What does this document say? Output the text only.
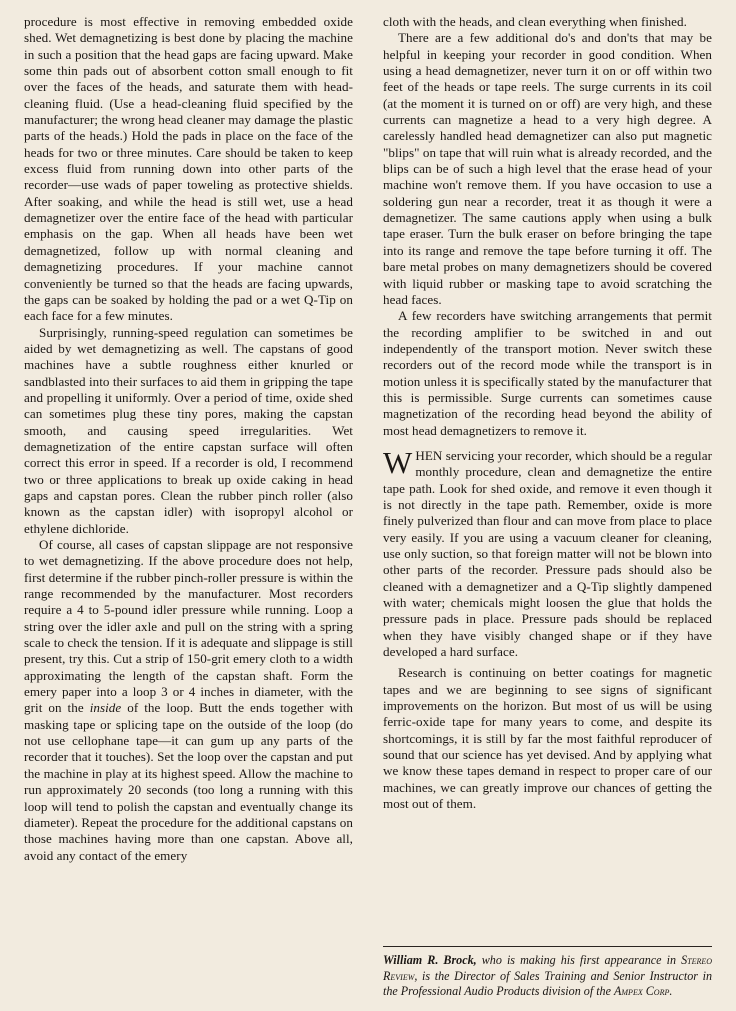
procedure is most effective in removing embedded oxide shed. Wet demagnetizing is best done by placing the machine in such a position that the head gaps are facing upward. Make some thin pads out of absorbent cotton small enough to fit over the faces of the heads, and saturate them with head-cleaning fluid. (Use a head-cleaning fluid specified by the manufacturer; the wrong head cleaner may damage the plastic parts of the heads.) Hold the pads in place on the face of the heads for two or three minutes. Care should be taken to keep excess fluid from running down into other parts of the recorder—use wads of paper toweling as protective shields. After soaking, and while the head is still wet, use a head demagnetizer over the entire face of the head with particular emphasis on the gap. When all heads have been wet demagnetized, follow up with normal cleaning and demagnetizing procedures. If your machine cannot conveniently be turned so that the heads are facing upwards, the gaps can be soaked by holding the pad or a wet Q-Tip on each face for a few minutes.

Surprisingly, running-speed regulation can sometimes be aided by wet demagnetizing as well. The capstans of good machines have a subtle roughness either knurled or sandblasted into their surfaces to aid them in gripping the tape and propelling it uniformly. Over a period of time, oxide shed can sometimes plug these tiny pores, making the capstan smooth, and causing speed irregularities. Wet demagnetization of the entire capstan surface will often correct this error in speed. If a recorder is old, I recommend two or three applications to break up oxide caking in head gaps and capstan pores. Clean the rubber pinch roller (also known as the capstan idler) with isopropyl alcohol or ethylene dichloride.

Of course, all cases of capstan slippage are not responsive to wet demagnetizing. If the above procedure does not help, first determine if the rubber pinch-roller pressure is within the range recommended by the manufacturer. Most recorders require a 4 to 5-pound idler pressure while running. Loop a string over the idler axle and pull on the string with a spring scale to check the tension. If it is adequate and slippage is still present, try this. Cut a strip of 150-grit emery cloth to a width approximating the length of the capstan shaft. Form the emery paper into a loop 3 or 4 inches in diameter, with the grit on the inside of the loop. Butt the ends together with masking tape or splicing tape on the outside of the loop (do not use cellophane tape—it can gum up any parts of the recorder that it touches). Set the loop over the capstan and put the machine in play at its highest speed. Allow the machine to run approximately 20 seconds (too long a running with this loop will tend to polish the capstan and eventually change its diameter). Repeat the procedure for the additional capstans on those machines having more than one capstan. Above all, avoid any contact of the emery

cloth with the heads, and clean everything when finished.

There are a few additional do's and don'ts that may be helpful in keeping your recorder in good condition. When using a head demagnetizer, never turn it on or off within two feet of the heads or tape reels. The surge currents in its coil (at the moment it is turned on or off) are very high, and these currents can magnetize a head to a very high degree. A carelessly handled head demagnetizer can also put magnetic "blips" on tape that will ruin what is already recorded, and the blips can be of such a high level that the erase head of your machine won't remove them. If you have occasion to use a soldering gun near a recorder, treat it as though it were a demagnetizer. The same cautions apply when using a bulk tape eraser. Turn the bulk eraser on before bringing the tape into its range and remove the tape before turning it off. The bare metal probes on many demagnetizers should be covered with liquid rubber or masking tape to avoid scratching the head faces.

A few recorders have switching arrangements that permit the recording amplifier to be switched in and out independently of the transport motion. Never switch these recorders out of the record mode while the transport is in motion unless it is specifically stated by the manufacturer that this is permissible. Surge currents can sometimes cause magnetization of the recording head beyond the ability of most head demagnetizers to remove it.

WHEN servicing your recorder, which should be a regular monthly procedure, clean and demagnetize the entire tape path. Look for shed oxide, and remove it even though it is not directly in the tape path. Remember, oxide is more finely pulverized than flour and can move from place to place very easily. If you are using a vacuum cleaner for cleaning, use only suction, so that foreign matter will not be blown into other parts of the recorder. Pressure pads should also be cleaned with a demagnetizer and a Q-Tip slightly dampened with water; chemicals might loosen the glue that holds the pressure pads in place. Pressure pads should be replaced when they have visibly changed shape or if they have developed a hard surface.

Research is continuing on better coatings for magnetic tapes and we are beginning to see signs of significant improvements on the horizon. But most of us will be using ferric-oxide tape for many years to come, and despite its shortcomings, it is still by far the most faithful reproducer of sound that our science has yet devised. And by applying what we know these tapes demand in respect to proper care of our machines, we can greatly improve our chances of getting the most out of them.

William R. Brock, who is making his first appearance in Stereo Review, is the Director of Sales Training and Senior Instructor in the Professional Audio Products division of the Ampex Corp.
